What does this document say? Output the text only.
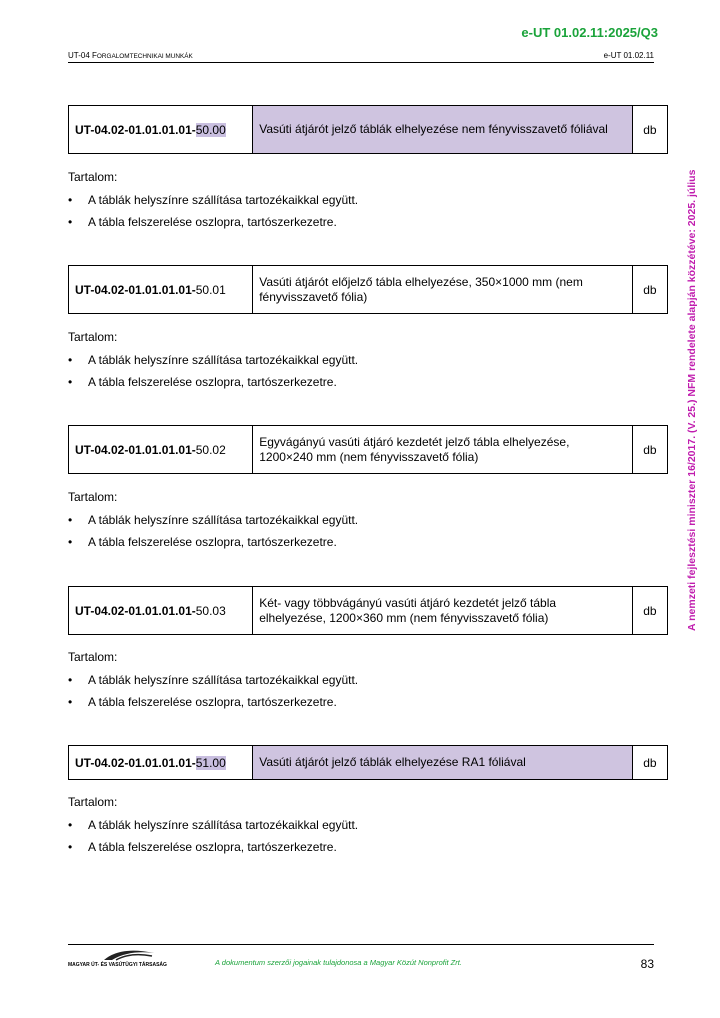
e-UT 01.02.11:2025/Q3
UT-04 FORGALOMTECHNIKAI MUNKÁK	e-UT 01.02.11
A nemzeti fejlesztési miniszter 16/2017. (V. 25.) NFM rendelete alapján közzétéve: 2025. július
UT-04.02-01.01.01.01-50.00	Vasúti átjárót jelző táblák elhelyezése nem fényvisszavető fóliával	db

Tartalom:

• A táblák helyszínre szállítása tartozékaikkal együtt.
• A tábla felszerelése oszlopra, tartószerkezetre.
UT-04.02-01.01.01.01-50.01	Vasúti átjárót előjelző tábla elhelyezése, 350×1000 mm (nem fényvisszavető fólia)	db

Tartalom:

• A táblák helyszínre szállítása tartozékaikkal együtt.
• A tábla felszerelése oszlopra, tartószerkezetre.
UT-04.02-01.01.01.01-50.02	Egyvágányú vasúti átjáró kezdetét jelző tábla elhelyezése, 1200×240 mm (nem fényvisszavető fólia)	db

Tartalom:

• A táblák helyszínre szállítása tartozékaikkal együtt.
• A tábla felszerelése oszlopra, tartószerkezetre.
UT-04.02-01.01.01.01-50.03	Két- vagy többvágányú vasúti átjáró kezdetét jelző tábla elhelyezése, 1200×360 mm (nem fényvisszavető fólia)	db

Tartalom:

• A táblák helyszínre szállítása tartozékaikkal együtt.
• A tábla felszerelése oszlopra, tartószerkezetre.
UT-04.02-01.01.01.01-51.00	Vasúti átjárót jelző táblák elhelyezése RA1 fóliával	db

Tartalom:

• A táblák helyszínre szállítása tartozékaikkal együtt.
• A tábla felszerelése oszlopra, tartószerkezetre.
MAGYAR ÚT- ÉS VASÚTÜGYI TÁRSASÁG	A dokumentum szerzői jogainak tulajdonosa a Magyar Közút Nonprofit Zrt.	83
